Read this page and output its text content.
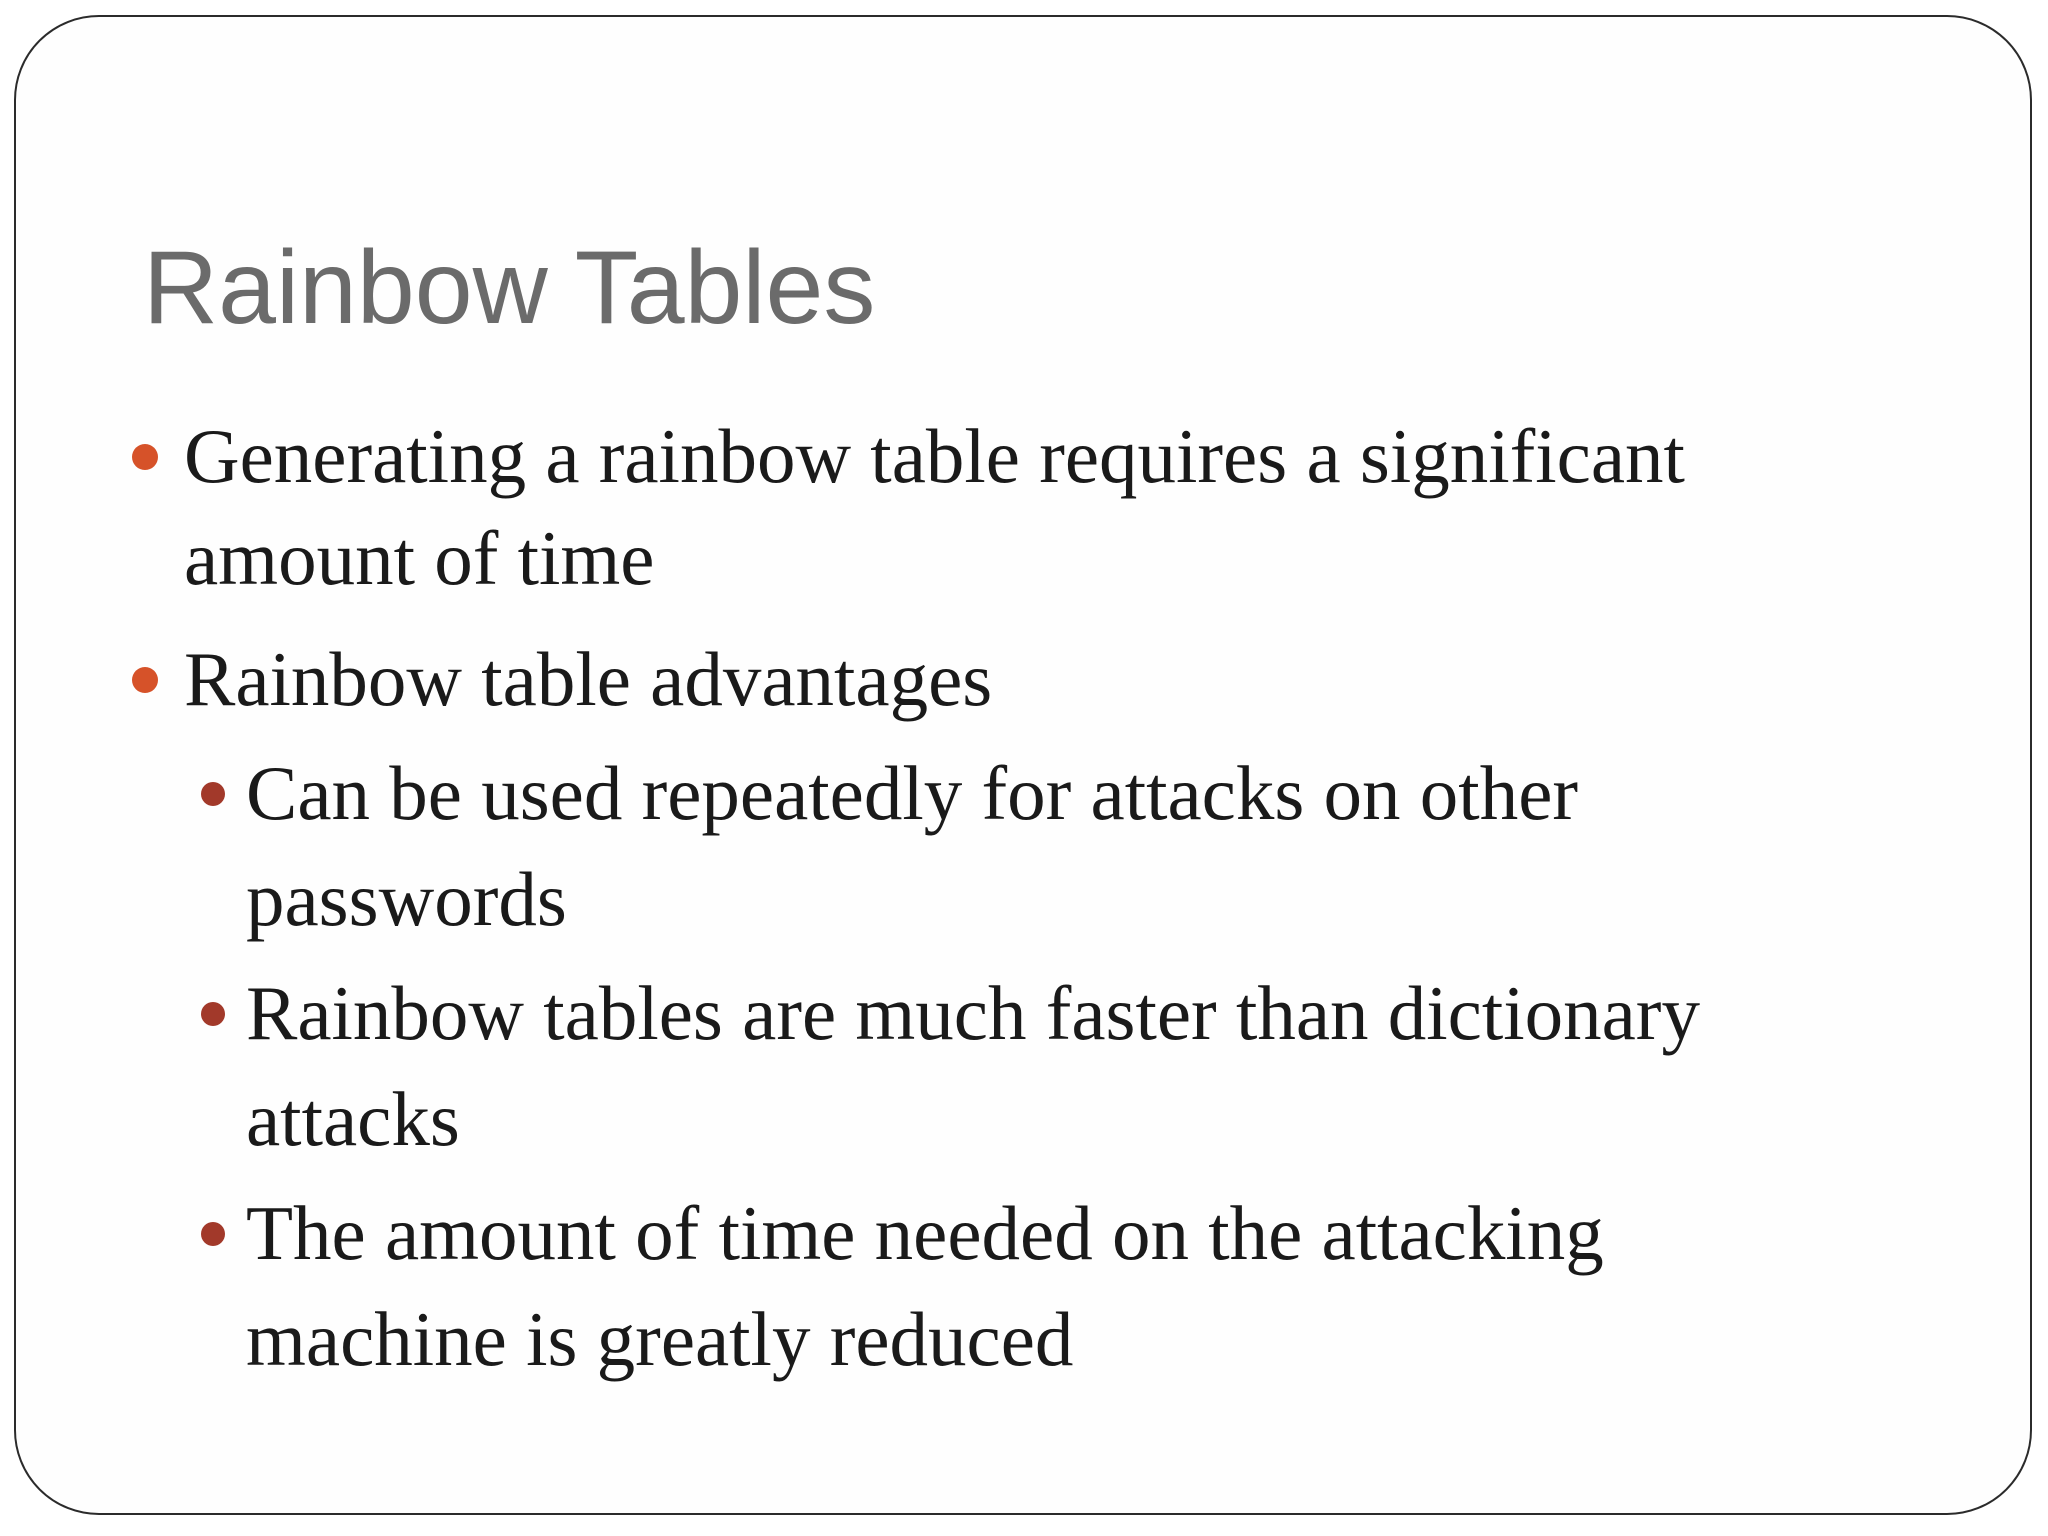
Rainbow Tables
Generating a rainbow table requires a significant
amount of time
Rainbow table advantages
Can be used repeatedly for attacks on other
passwords
Rainbow tables are much faster than dictionary
attacks
The amount of time needed on the attacking
machine is greatly reduced
